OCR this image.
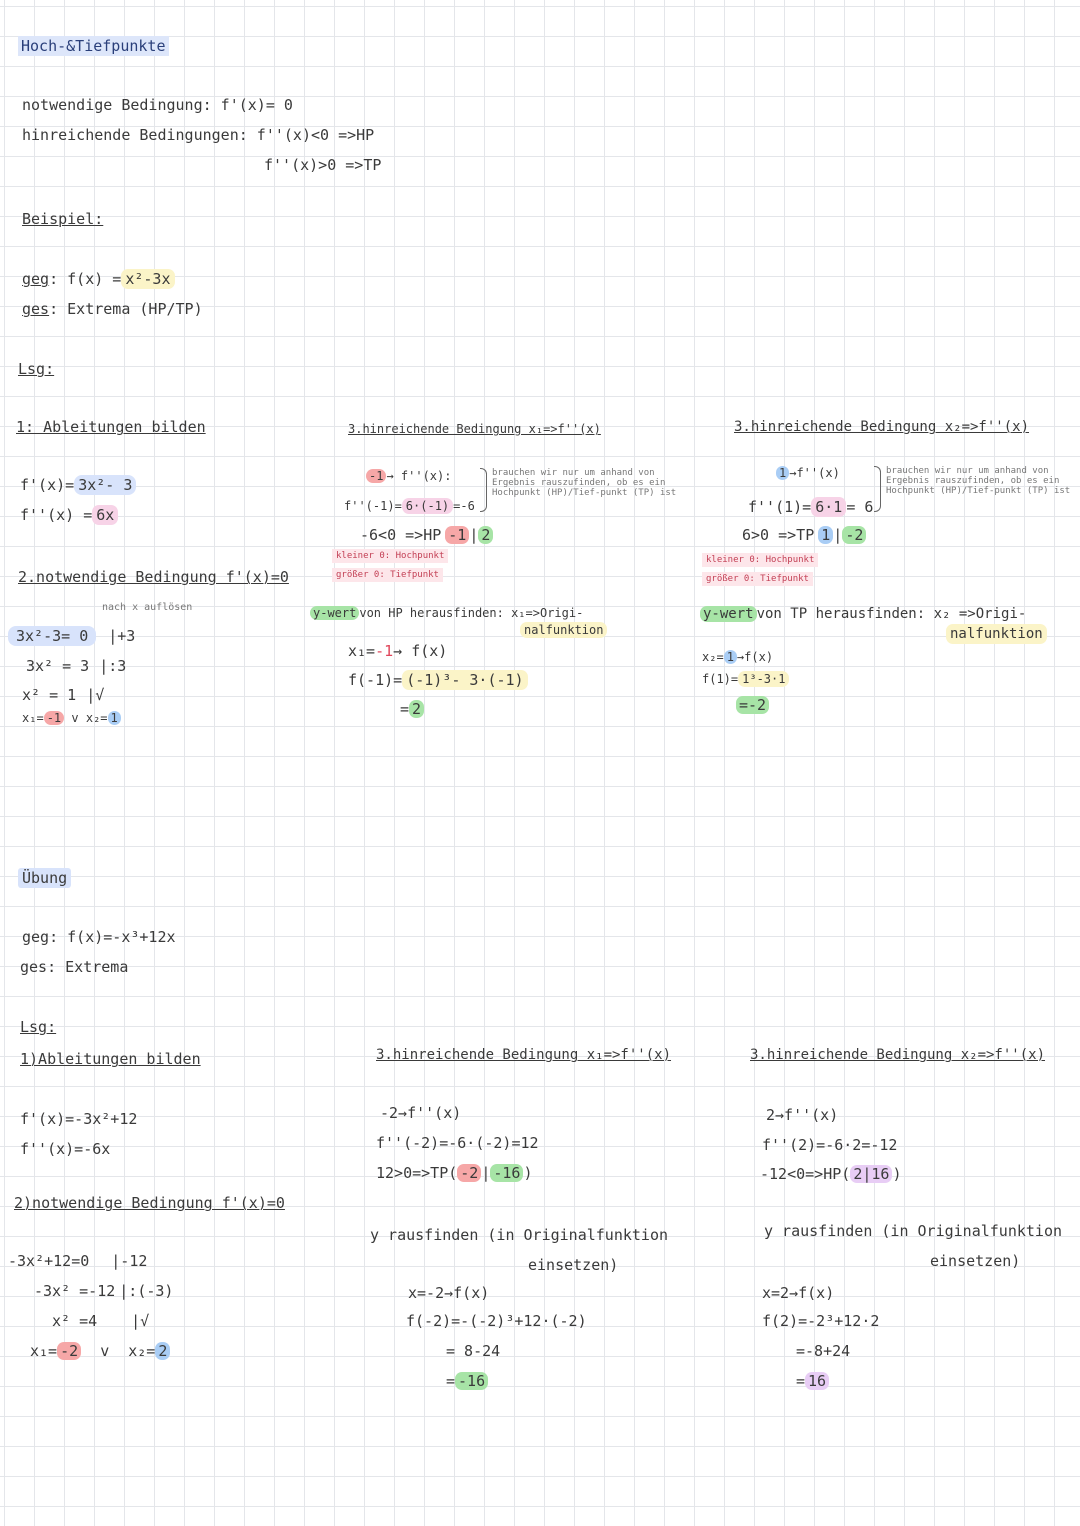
Hoch-&Tiefpunkte
notwendige Bedingung: f'(x)= 0
hinreichende Bedingungen: f''(x)<0 =>HP
f''(x)>0 =>TP
Beispiel:
geg: f(x) = x²-3x
ges: Extrema (HP/TP)
Lsg:
1: Ableitungen bilden
f'(x)= 3x²- 3
f''(x) = 6x
2.notwendige Bedingung f'(x)=0
nach x auflösen
3x²-3= 0 |+3
3x² = 3 |:3
x² = 1 |√
x₁= -1 v x₂= 1
3.hinreichende Bedingung x₁=>f''(x)
-1 → f''(x):
f''(-1)= 6·(-1) =-6
brauchen wir nur um anhand von Ergebnis rauszufinden, ob es ein Hochpunkt (HP)/Tief-punkt (TP) ist
-6<0 =>HP -1 | 2
kleiner 0: Hochpunkt
größer 0: Tiefpunkt
y-wert von HP herausfinden: x₁=>Origi-
nalfunktion
x₁=-1→ f(x)
f(-1)= (-1)³- 3·(-1)
= 2
3.hinreichende Bedingung x₂=>f''(x)
1 →f''(x)
f''(1)= 6·1 = 6
brauchen wir nur um anhand von Ergebnis rauszufinden, ob es ein Hochpunkt (HP)/Tief-punkt (TP) ist
6>0 =>TP 1 | -2
kleiner 0: Hochpunkt
größer 0: Tiefpunkt
y-wert von TP herausfinden: x₂ =>Origi-
nalfunktion
x₂= 1 →f(x)
f(1)= 1³-3·1
=-2
Übung
geg: f(x)=-x³+12x
ges: Extrema
Lsg:
1)Ableitungen bilden
f'(x)=-3x²+12
f''(x)=-6x
2)notwendige Bedingung f'(x)=0
-3x²+12=0 |-12
-3x² =-12 |:(-3)
x² =4 |√
x₁= -2 v x₂= 2
3.hinreichende Bedingung x₁=>f''(x)
-2→f''(x)
f''(-2)=-6·(-2)=12
12>0=>TP( -2 | -16 )
y rausfinden (in Originalfunktion
einsetzen)
x=-2→f(x)
f(-2)=-(-2)³+12·(-2)
= 8-24
= -16
3.hinreichende Bedingung x₂=>f''(x)
2→f''(x)
f''(2)=-6·2=-12
-12<0=>HP( 2|16 )
y rausfinden (in Originalfunktion
einsetzen)
x=2→f(x)
f(2)=-2³+12·2
=-8+24
= 16
